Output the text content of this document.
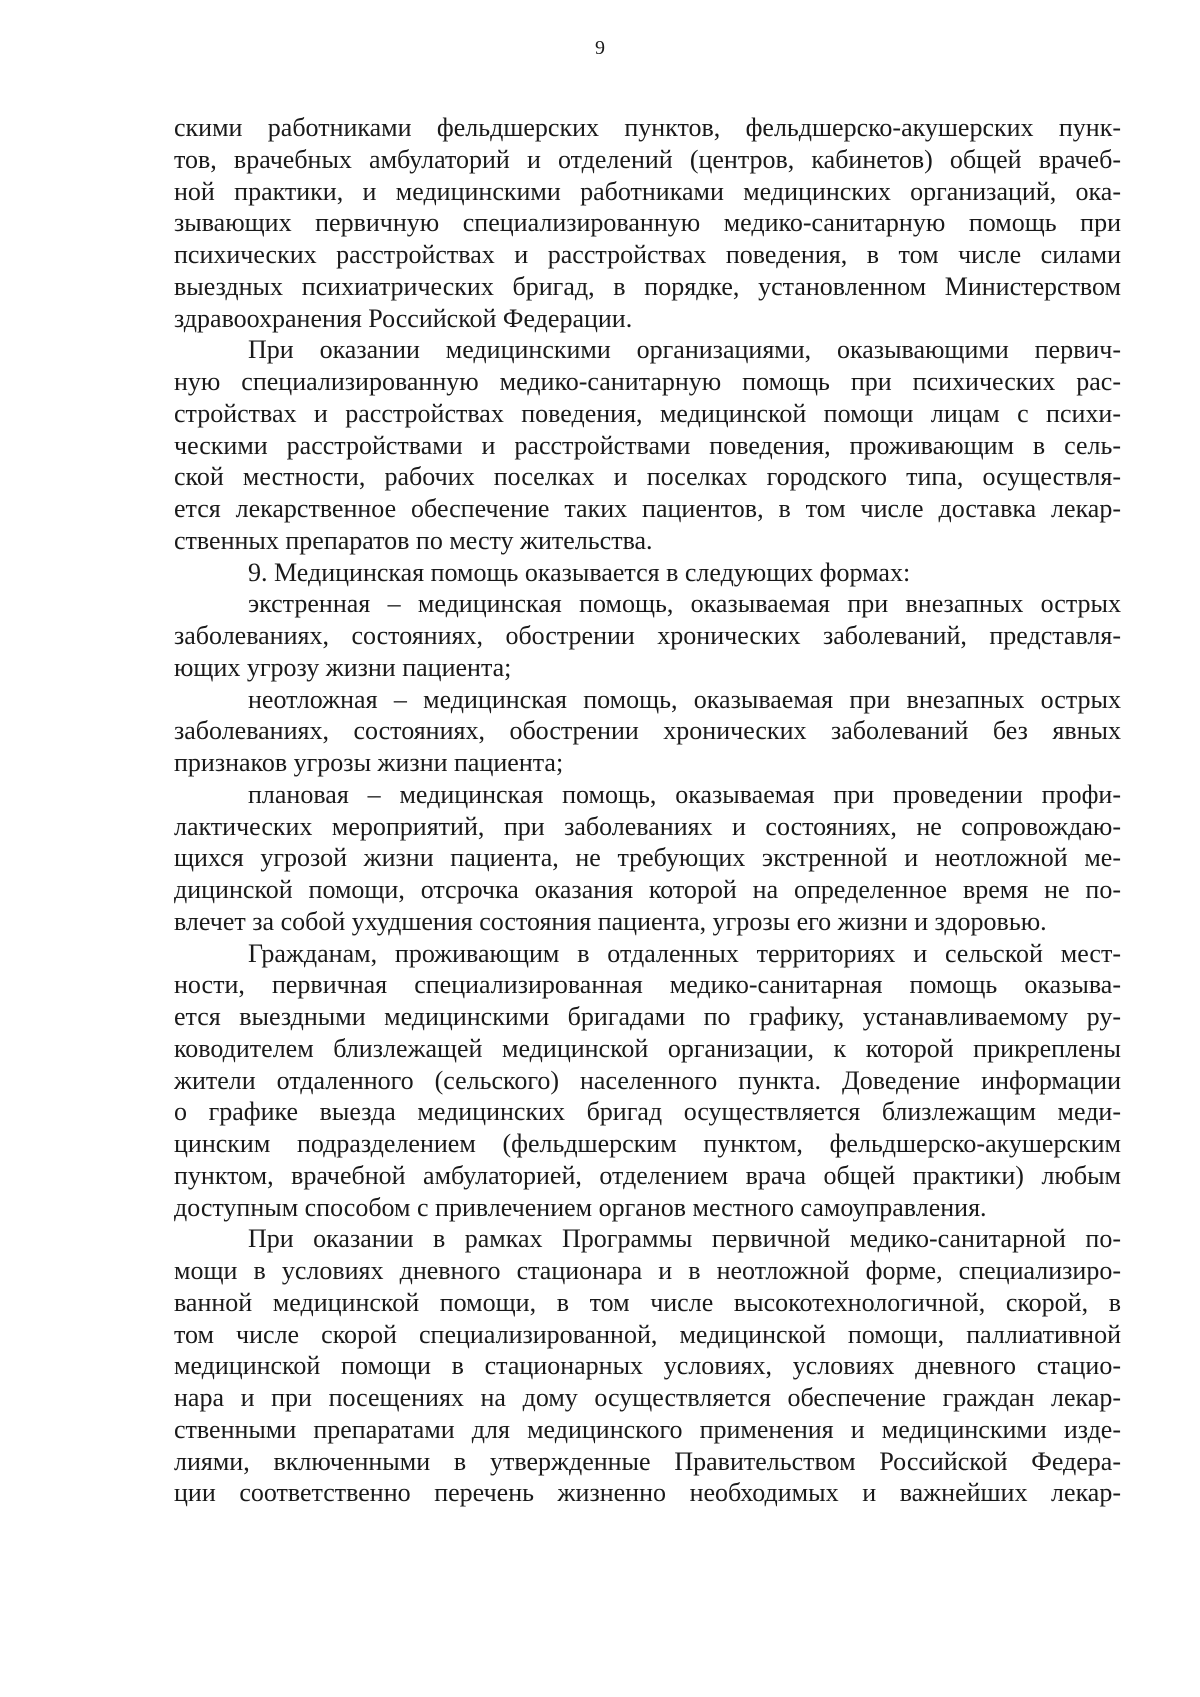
9
скими работниками фельдшерских пунктов, фельдшерско-акушерских пунк-
тов, врачебных амбулаторий и отделений (центров, кабинетов) общей врачеб-
ной практики, и медицинскими работниками медицинских организаций, ока-
зывающих первичную специализированную медико-санитарную помощь при
психических расстройствах и расстройствах поведения, в том числе силами
выездных психиатрических бригад, в порядке, установленном Министерством
здравоохранения Российской Федерации.
При оказании медицинскими организациями, оказывающими первич-
ную специализированную медико-санитарную помощь при психических рас-
стройствах и расстройствах поведения, медицинской помощи лицам с психи-
ческими расстройствами и расстройствами поведения, проживающим в сель-
ской местности, рабочих поселках и поселках городского типа, осуществля-
ется лекарственное обеспечение таких пациентов, в том числе доставка лекар-
ственных препаратов по месту жительства.
9. Медицинская помощь оказывается в следующих формах:
экстренная – медицинская помощь, оказываемая при внезапных острых
заболеваниях, состояниях, обострении хронических заболеваний, представля-
ющих угрозу жизни пациента;
неотложная – медицинская помощь, оказываемая при внезапных острых
заболеваниях, состояниях, обострении хронических заболеваний без явных
признаков угрозы жизни пациента;
плановая – медицинская помощь, оказываемая при проведении профи-
лактических мероприятий, при заболеваниях и состояниях, не сопровождаю-
щихся угрозой жизни пациента, не требующих экстренной и неотложной ме-
дицинской помощи, отсрочка оказания которой на определенное время не по-
влечет за собой ухудшения состояния пациента, угрозы его жизни и здоровью.
Гражданам, проживающим в отдаленных территориях и сельской мест-
ности, первичная специализированная медико-санитарная помощь оказыва-
ется выездными медицинскими бригадами по графику, устанавливаемому ру-
ководителем близлежащей медицинской организации, к которой прикреплены
жители отдаленного (сельского) населенного пункта. Доведение информации
о графике выезда медицинских бригад осуществляется близлежащим меди-
цинским подразделением (фельдшерским пунктом, фельдшерско-акушерским
пунктом, врачебной амбулаторией, отделением врача общей практики) любым
доступным способом с привлечением органов местного самоуправления.
При оказании в рамках Программы первичной медико-санитарной по-
мощи в условиях дневного стационара и в неотложной форме, специализиро-
ванной медицинской помощи, в том числе высокотехнологичной, скорой, в
том числе скорой специализированной, медицинской помощи, паллиативной
медицинской помощи в стационарных условиях, условиях дневного стацио-
нара и при посещениях на дому осуществляется обеспечение граждан лекар-
ственными препаратами для медицинского применения и медицинскими изде-
лиями, включенными в утвержденные Правительством Российской Федера-
ции соответственно перечень жизненно необходимых и важнейших лекар-
